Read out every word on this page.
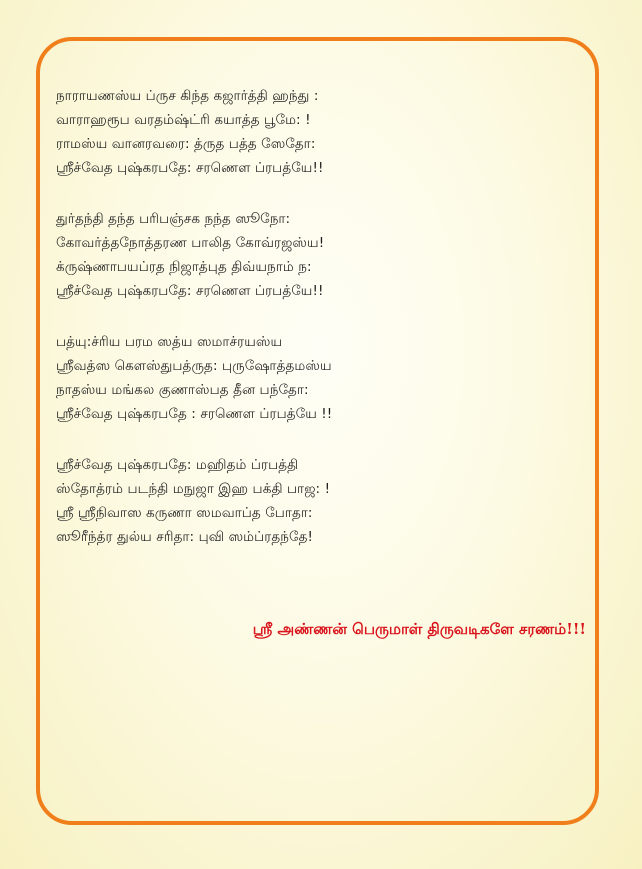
நாராயணஸ்ய ப்ருச கிந்த கஜார்த்தி ஹந்து :
வாராஹரூப வரதம்ஷ்ட்ரி கயாத்த பூமே: !
ராமஸ்ய வானரவரை: த்ருத பத்த ஸேதோ:
ஸ்ரீச்வேத புஷ்கரபதே: சரணௌ ப்ரபத்யே!!
துர்தந்தி தந்த பரிபஞ்சக நந்த ஸூநோ:
கோவர்த்தநோத்தரண பாலித கோவ்ரஜஸ்ய!
க்ருஷ்ணாபயப்ரத நிஜாத்புத திவ்யநாம் ந:
ஸ்ரீச்வேத புஷ்கரபதே: சரணௌ ப்ரபத்யே!!
பத்யு:ச்ரிய பரம ஸத்ய ஸமாச்ரயஸ்ய
ஸ்ரீவத்ஸ கௌஸ்துபத்ருத: புருஷோத்தமஸ்ய
நாதஸ்ய மங்கல குணாஸ்பத தீன பந்தோ:
ஸ்ரீச்வேத புஷ்கரபதே : சரணௌ ப்ரபத்யே !!
ஸ்ரீச்வேத புஷ்கரபதே: மஹிதம் ப்ரபத்தி
ஸ்தோத்ரம் படந்தி மநுஜா இஹ பக்தி பாஜ: !
ஸ்ரீ ஸ்ரீநிவாஸ கருணா ஸமவாப்த போதா:
ஸூரீந்த்ர துல்ய சரிதா: புவி ஸம்ப்ரதந்தே!
ஸ்ரீ அண்ணன் பெருமாள் திருவடிகளே சரணம்!!!
